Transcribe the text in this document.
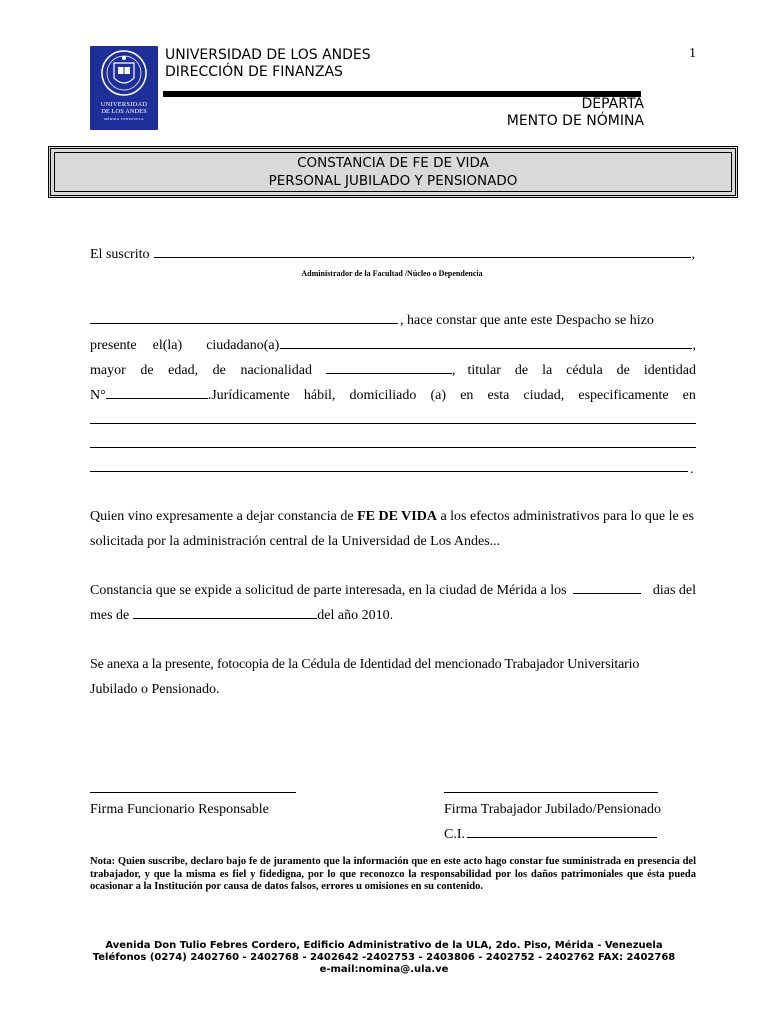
UNIVERSIDAD
DE LOS ANDES
MÉRIDA VENEZUELA
UNIVERSIDAD DE LOS ANDES
DIRECCIÓN DE FINANZAS
1
DEPARTA
MENTO DE NÓMINA
CONSTANCIA DE FE DE VIDA
PERSONAL JUBILADO Y PENSIONADO
El suscrito	,
Administrador de la Facultad /Núcleo o Dependencia
, hace constar que ante este Despacho se hizo
presente el(la) ciudadano(a)	,
mayor de edad, de nacionalidad	, titular de la cédula de identidad
N°	. Jurídicamente hábil, domiciliado (a) en esta ciudad, especificamente en
.
Quien vino expresamente a dejar constancia de FE DE VIDA a los efectos administrativos para lo que le es
solicitada por la administración central de la Universidad de Los Andes...
Constancia que se expide a solicitud de parte interesada, en la ciudad de Mérida a los	dias del
mes de	del año 2010.
Se anexa a la presente, fotocopia de la Cédula de Identidad del mencionado Trabajador Universitario
Jubilado o Pensionado.
Firma Funcionario Responsable	Firma Trabajador Jubilado/Pensionado
C.I.
Nota: Quien suscribe, declaro bajo fe de juramento que la información que en este acto hago constar fue suministrada en presencia del trabajador, y que la misma es fiel y fidedigna, por lo que reconozco la responsabilidad por los daños patrimoniales que ésta pueda ocasionar a la Institución por causa de datos falsos, errores u omisiones en su contenido.
Avenida Don Tulio Febres Cordero, Edificio Administrativo de la ULA, 2do. Piso, Mérida - Venezuela
Teléfonos (0274) 2402760 - 2402768 - 2402642 -2402753 - 2403806 - 2402752 - 2402762 FAX: 2402768
e-mail:nomina@.ula.ve
